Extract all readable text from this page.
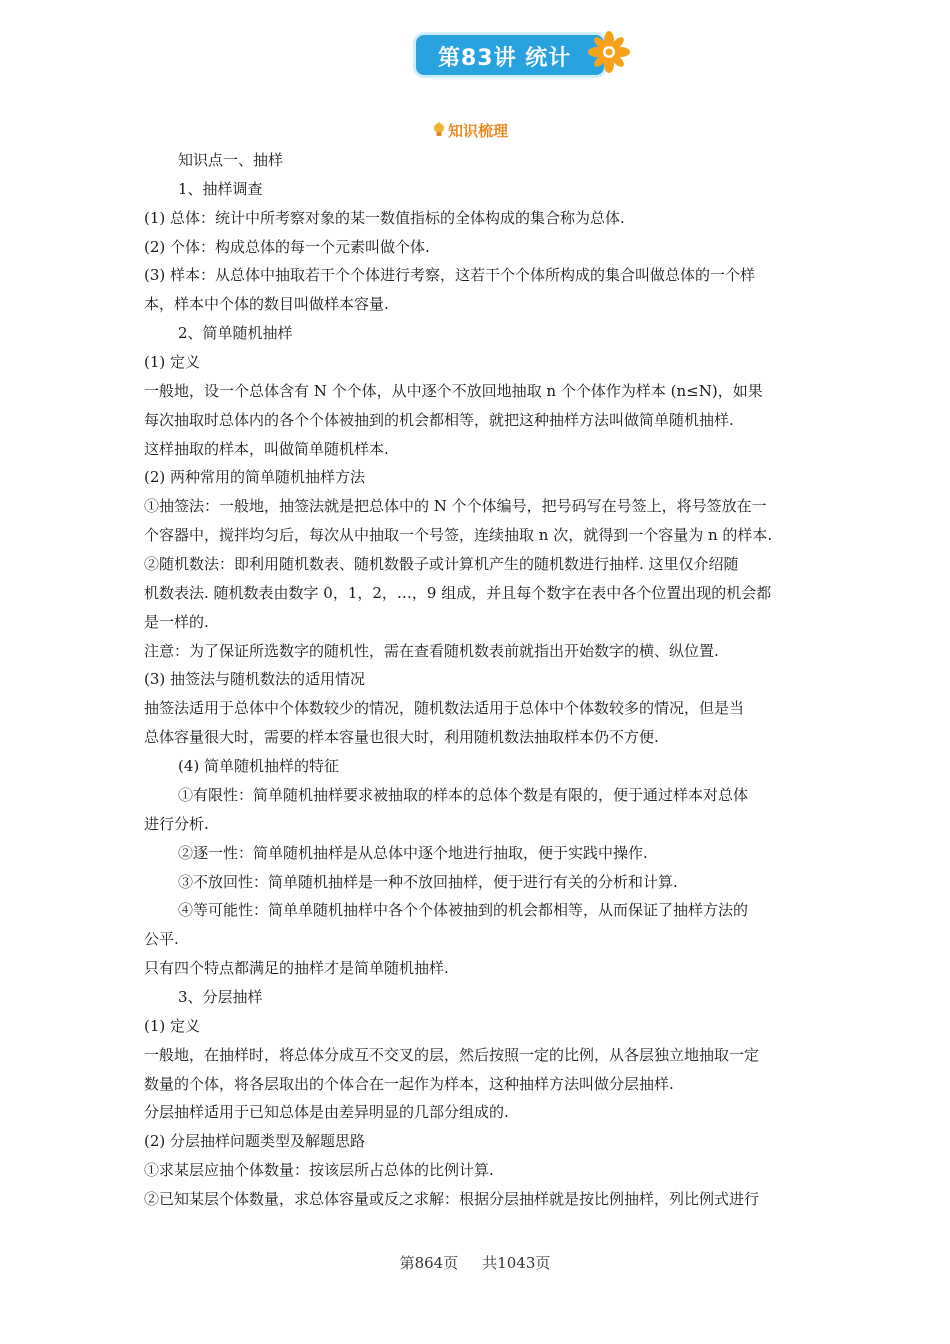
第83讲 统计
知识梳理
知识点一、抽样
1、抽样调查
(1) 总体：统计中所考察对象的某一数值指标的全体构成的集合称为总体.
(2) 个体：构成总体的每一个元素叫做个体.
(3) 样本：从总体中抽取若干个个体进行考察，这若干个个体所构成的集合叫做总体的一个样
本，样本中个体的数目叫做样本容量.
2、简单随机抽样
(1) 定义
一般地，设一个总体含有 N 个个体，从中逐个不放回地抽取 n 个个体作为样本 (n≤N)，如果
每次抽取时总体内的各个个体被抽到的机会都相等，就把这种抽样方法叫做简单随机抽样.
这样抽取的样本，叫做简单随机样本.
(2) 两种常用的简单随机抽样方法
①抽签法：一般地，抽签法就是把总体中的 N 个个体编号，把号码写在号签上，将号签放在一
个容器中，搅拌均匀后，每次从中抽取一个号签，连续抽取 n 次，就得到一个容量为 n 的样本.
②随机数法：即利用随机数表、随机数骰子或计算机产生的随机数进行抽样. 这里仅介绍随
机数表法. 随机数表由数字 0，1，2，…，9 组成，并且每个数字在表中各个位置出现的机会都
是一样的.
注意：为了保证所选数字的随机性，需在查看随机数表前就指出开始数字的横、纵位置.
(3) 抽签法与随机数法的适用情况
抽签法适用于总体中个体数较少的情况，随机数法适用于总体中个体数较多的情况，但是当
总体容量很大时，需要的样本容量也很大时，利用随机数法抽取样本仍不方便.
(4) 简单随机抽样的特征
①有限性：简单随机抽样要求被抽取的样本的总体个数是有限的，便于通过样本对总体
进行分析.
②逐一性：简单随机抽样是从总体中逐个地进行抽取，便于实践中操作.
③不放回性：简单随机抽样是一种不放回抽样，便于进行有关的分析和计算.
④等可能性：简单单随机抽样中各个个体被抽到的机会都相等，从而保证了抽样方法的
公平.
只有四个特点都满足的抽样才是简单随机抽样.
3、分层抽样
(1) 定义
一般地，在抽样时，将总体分成互不交叉的层，然后按照一定的比例，从各层独立地抽取一定
数量的个体，将各层取出的个体合在一起作为样本，这种抽样方法叫做分层抽样.
分层抽样适用于已知总体是由差异明显的几部分组成的.
(2) 分层抽样问题类型及解题思路
①求某层应抽个体数量：按该层所占总体的比例计算.
②已知某层个体数量，求总体容量或反之求解：根据分层抽样就是按比例抽样，列比例式进行
第864页 共1043页
